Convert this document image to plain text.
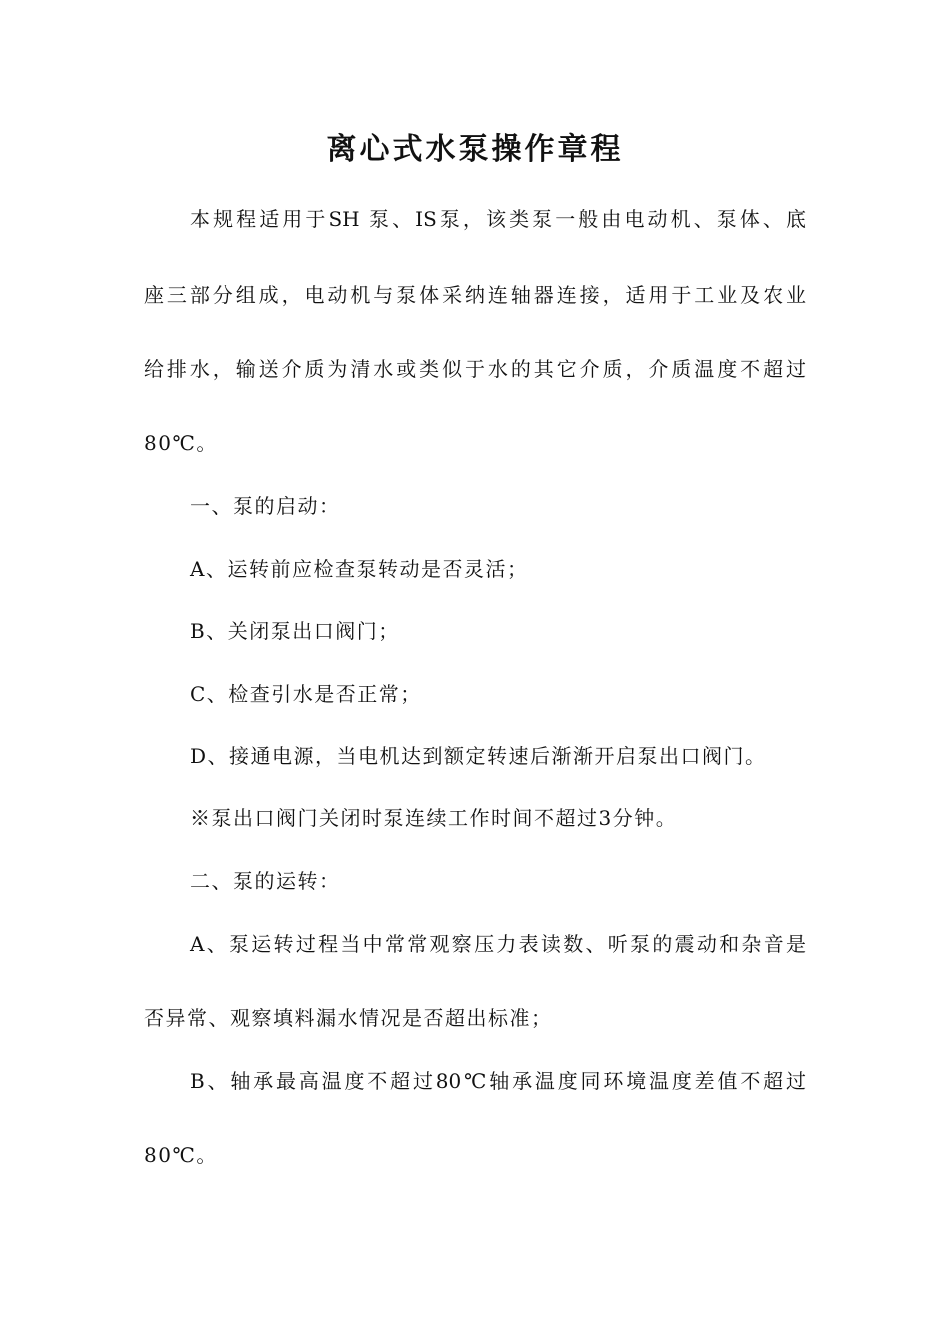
离心式水泵操作章程
本规程适用于SH 泵、IS泵，该类泵一般由电动机、泵体、底
座三部分组成，电动机与泵体采纳连轴器连接，适用于工业及农业
给排水，输送介质为清水或类似于水的其它介质，介质温度不超过
80℃。
一、泵的启动：
A、运转前应检查泵转动是否灵活；
B、关闭泵出口阀门；
C、检查引水是否正常；
D、接通电源，当电机达到额定转速后渐渐开启泵出口阀门。
※泵出口阀门关闭时泵连续工作时间不超过3分钟。
二、泵的运转：
A、泵运转过程当中常常观察压力表读数、听泵的震动和杂音是
否异常、观察填料漏水情况是否超出标准；
B、轴承最高温度不超过80℃轴承温度同环境温度差值不超过
80℃。
